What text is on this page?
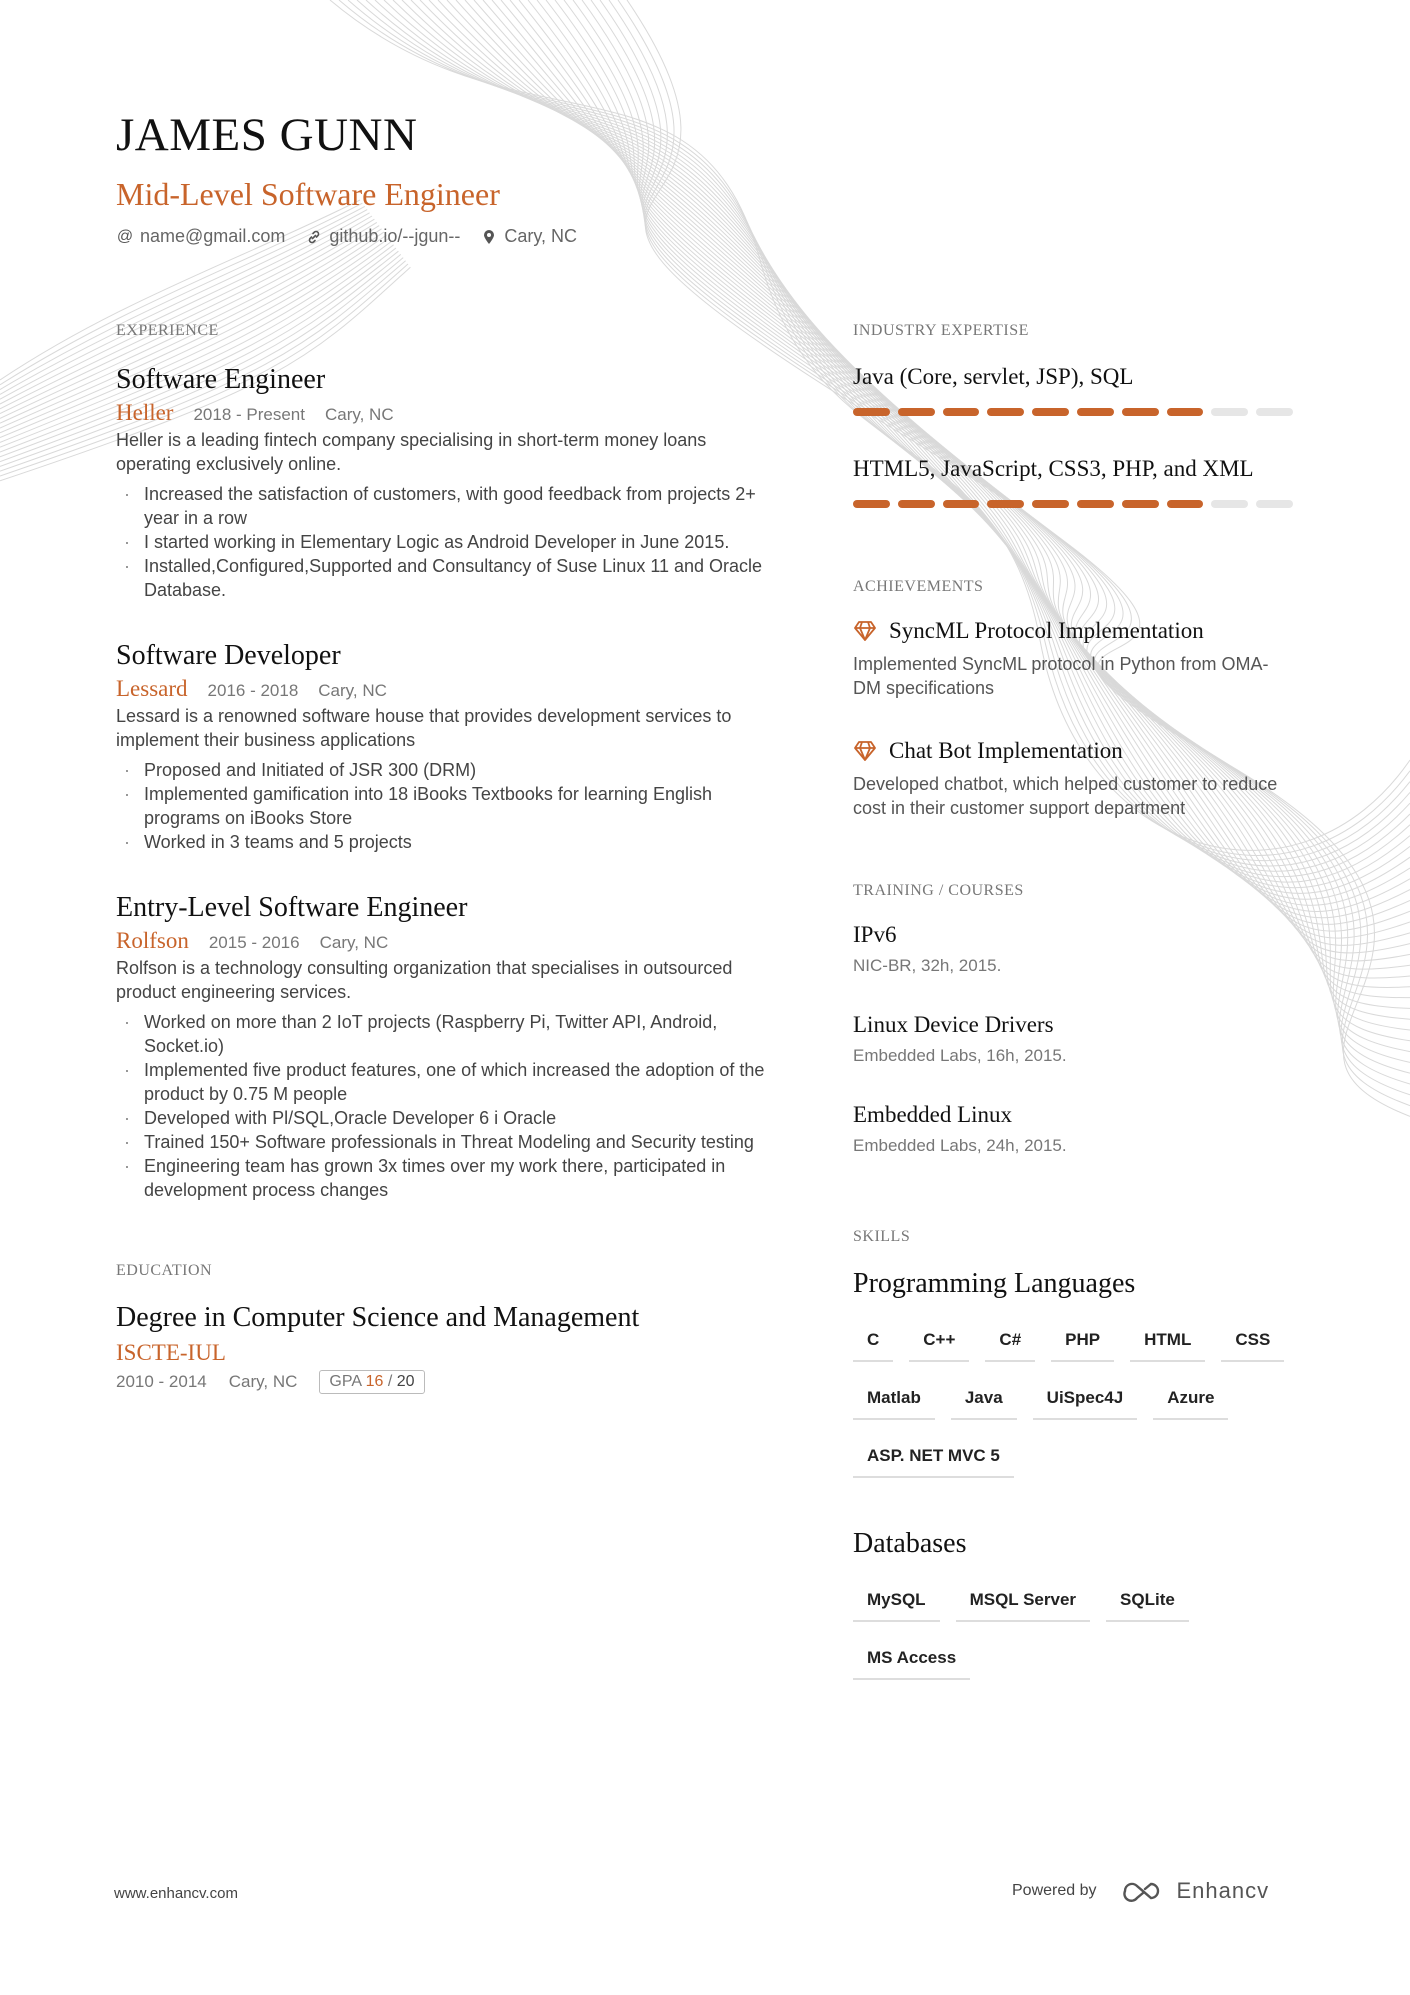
JAMES GUNN
Mid-Level Software Engineer
@ name@gmail.com github.io/--jgun-- Cary, NC
EXPERIENCE
Software Engineer
Heller 2018 - Present Cary, NC
Heller is a leading fintech company specialising in short-term money loans operating exclusively online.
· Increased the satisfaction of customers, with good feedback from projects 2+ year in a row
· I started working in Elementary Logic as Android Developer in June 2015.
· Installed,Configured,Supported and Consultancy of Suse Linux 11 and Oracle Database.
Software Developer
Lessard 2016 - 2018 Cary, NC
Lessard is a renowned software house that provides development services to implement their business applications
· Proposed and Initiated of JSR 300 (DRM)
· Implemented gamification into 18 iBooks Textbooks for learning English programs on iBooks Store
· Worked in 3 teams and 5 projects
Entry-Level Software Engineer
Rolfson 2015 - 2016 Cary, NC
Rolfson is a technology consulting organization that specialises in outsourced product engineering services.
· Worked on more than 2 IoT projects (Raspberry Pi, Twitter API, Android, Socket.io)
· Implemented five product features, one of which increased the adoption of the product by 0.75 M people
· Developed with Pl/SQL,Oracle Developer 6 i Oracle
· Trained 150+ Software professionals in Threat Modeling and Security testing
· Engineering team has grown 3x times over my work there, participated in development process changes
EDUCATION
Degree in Computer Science and Management
ISCTE-IUL
2010 - 2014 Cary, NC	GPA 16 / 20
INDUSTRY EXPERTISE
Java (Core, servlet, JSP), SQL
HTML5, JavaScript, CSS3, PHP, and XML
ACHIEVEMENTS
SyncML Protocol Implementation
Implemented SyncML protocol in Python from OMA-DM specifications
Chat Bot Implementation
Developed chatbot, which helped customer to reduce cost in their customer support department
TRAINING / COURSES
IPv6
NIC-BR, 32h, 2015.
Linux Device Drivers
Embedded Labs, 16h, 2015.
Embedded Linux
Embedded Labs, 24h, 2015.
SKILLS
Programming Languages
C	C++	C#	PHP	HTML	CSS
Matlab	Java	UiSpec4J	Azure
ASP. NET MVC 5
Databases
MySQL	MSQL Server	SQLite
MS Access
www.enhancv.com	Powered by	Enhancv
